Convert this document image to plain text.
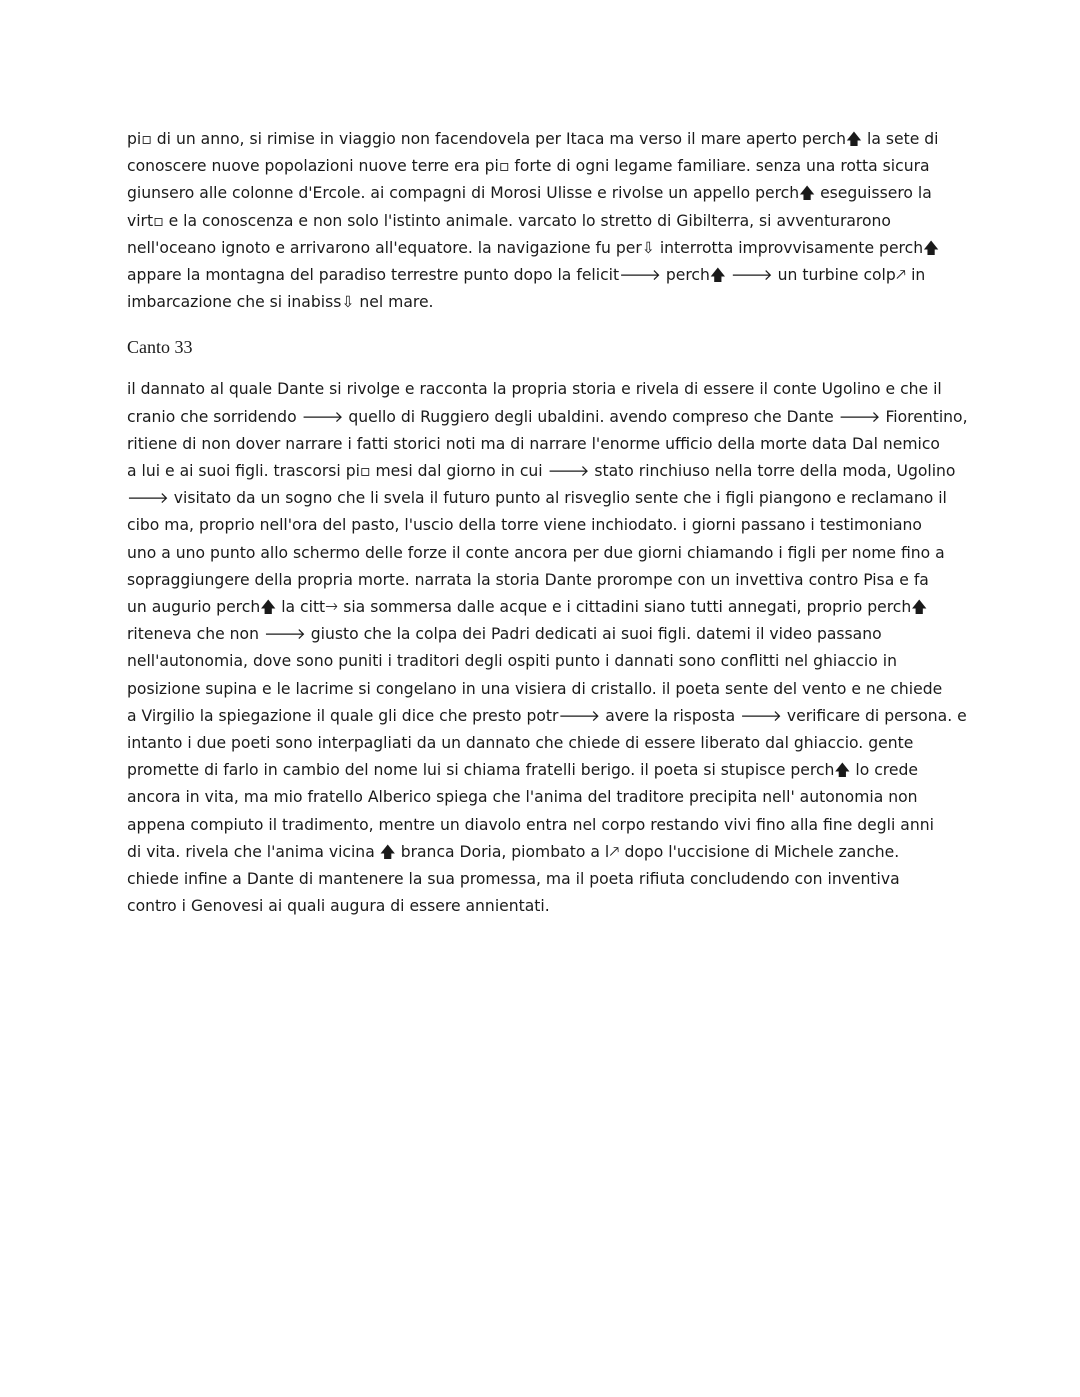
pi▫ di un anno, si rimise in viaggio non facendovela per Itaca ma verso il mare aperto perch🡅 la sete di
conoscere nuove popolazioni nuove terre era pi▫ forte di ogni legame familiare. senza una rotta sicura
giunsero alle colonne d'Ercole. ai compagni di Morosi Ulisse e rivolse un appello perch🡅 eseguissero la
virt▫ e la conoscenza e non solo l'istinto animale. varcato lo stretto di Gibilterra, si avventurarono
nell'oceano ignoto e arrivarono all'equatore. la navigazione fu per⇩ interrotta improvvisamente perch🡅
appare la montagna del paradiso terrestre punto dopo la felicit🡒 perch🡅 🡒 un turbine colp🡕 in
imbarcazione che si inabiss⇩ nel mare.

Canto 33

il dannato al quale Dante si rivolge e racconta la propria storia e rivela di essere il conte Ugolino e che il
cranio che sorridendo 🡒 quello di Ruggiero degli ubaldini. avendo compreso che Dante 🡒 Fiorentino,
ritiene di non dover narrare i fatti storici noti ma di narrare l'enorme ufficio della morte data Dal nemico
a lui e ai suoi figli. trascorsi pi▫ mesi dal giorno in cui 🡒 stato rinchiuso nella torre della moda, Ugolino
🡒 visitato da un sogno che li svela il futuro punto al risveglio sente che i figli piangono e reclamano il
cibo ma, proprio nell'ora del pasto, l'uscio della torre viene inchiodato. i giorni passano i testimoniano
uno a uno punto allo schermo delle forze il conte ancora per due giorni chiamando i figli per nome fino a
sopraggiungere della propria morte. narrata la storia Dante prorompe con un invettiva contro Pisa e fa
un augurio perch🡅 la citt🡒 sia sommersa dalle acque e i cittadini siano tutti annegati, proprio perch🡅
riteneva che non 🡒 giusto che la colpa dei Padri dedicati ai suoi figli. datemi il video passano
nell'autonomia, dove sono puniti i traditori degli ospiti punto i dannati sono conflitti nel ghiaccio in
posizione supina e le lacrime si congelano in una visiera di cristallo. il poeta sente del vento e ne chiede
a Virgilio la spiegazione il quale gli dice che presto potr🡒 avere la risposta 🡒 verificare di persona. e
intanto i due poeti sono interpagliati da un dannato che chiede di essere liberato dal ghiaccio. gente
promette di farlo in cambio del nome lui si chiama fratelli berigo. il poeta si stupisce perch🡅 lo crede
ancora in vita, ma mio fratello Alberico spiega che l'anima del traditore precipita nell' autonomia non
appena compiuto il tradimento, mentre un diavolo entra nel corpo restando vivi fino alla fine degli anni
di vita. rivela che l'anima vicina 🡅 branca Doria, piombato a l🡕 dopo l'uccisione di Michele zanche.
chiede infine a Dante di mantenere la sua promessa, ma il poeta rifiuta concludendo con inventiva
contro i Genovesi ai quali augura di essere annientati.
